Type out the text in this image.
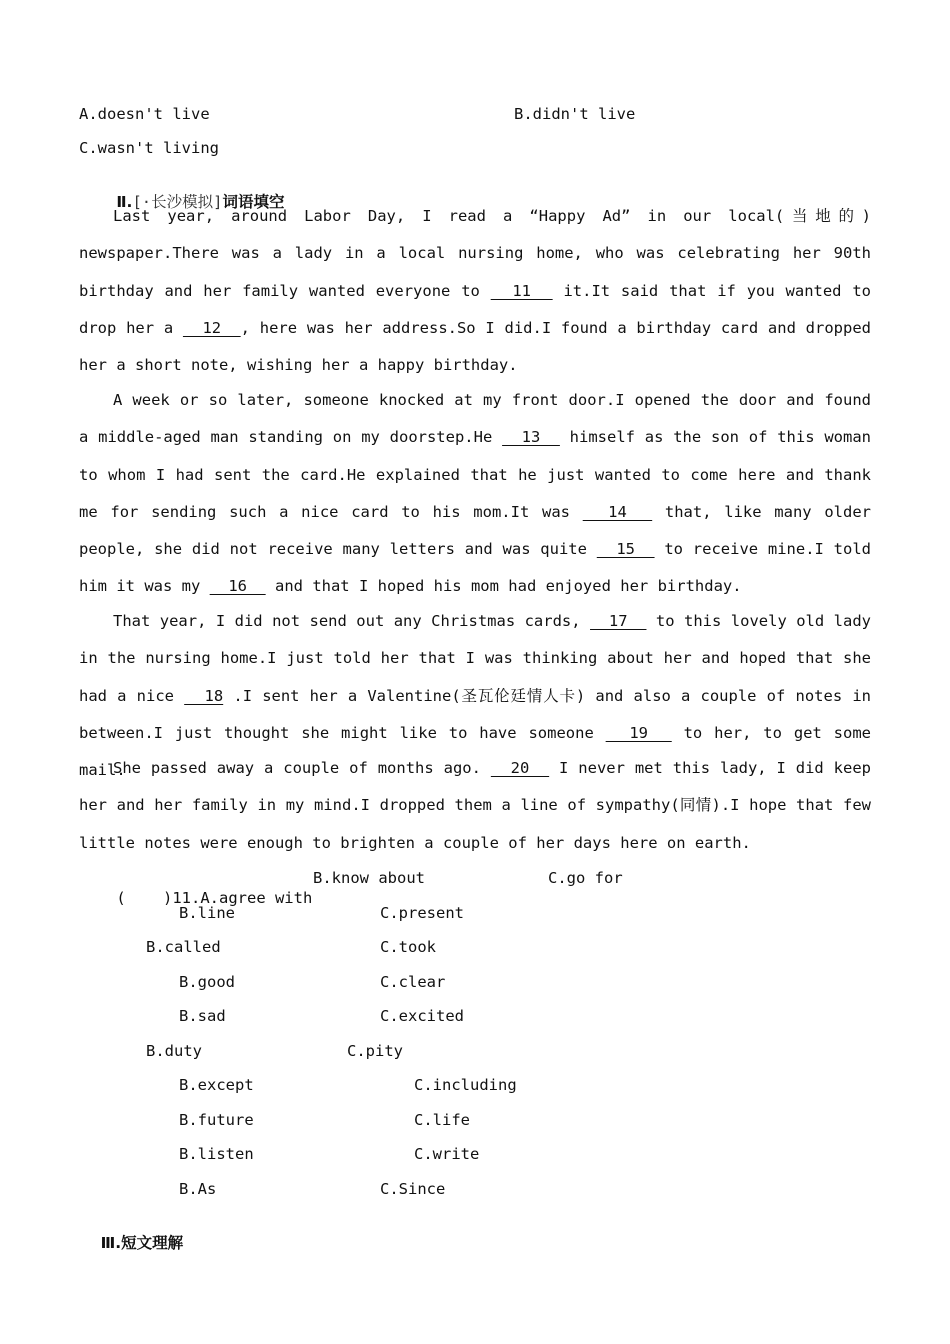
A.doesn't live	B.didn't live
C.wasn't living

Ⅱ.[·长沙模拟]词语填空

Last year, around Labor Day, I read a “Happy Ad” in our local(当地的) newspaper.There was a lady in a local nursing home, who was celebrating her 90th birthday and her family wanted everyone to   11   it.It said that if you wanted to drop her a   12  , here was her address.So I did.I found a birthday card and dropped her a short note, wishing her a happy birthday.
A week or so later, someone knocked at my front door.I opened the door and found a middle-aged man standing on my doorstep.He   13   himself as the son of this woman to whom I had sent the card.He explained that he just wanted to come here and thank me for sending such a nice card to his mom.It was   14   that, like many older people, she did not receive many letters and was quite   15   to receive mine.I told him it was my   16   and that I hoped his mom had enjoyed her birthday.
That year, I did not send out any Christmas cards,   17   to this lovely old lady in the nursing home.I just told her that I was thinking about her and hoped that she had a nice   18 .I sent her a Valentine(圣瓦伦廷情人卡) and also a couple of notes in between.I just thought she might like to have someone   19   to her, to get some mail.
She passed away a couple of months ago.   20   I never met this lady, I did keep her and her family in my mind.I dropped them a line of sympathy(同情).I hope that few little notes were enough to brighten a couple of her days here on earth.

(    )11.A.agree with

B.know about	C.go for
B.line	C.present
B.called	C.took
B.good	C.clear
B.sad	C.excited
B.duty	C.pity
B.except	C.including
B.future	C.life
B.listen	C.write
B.As	C.Since

Ⅲ.短文理解
